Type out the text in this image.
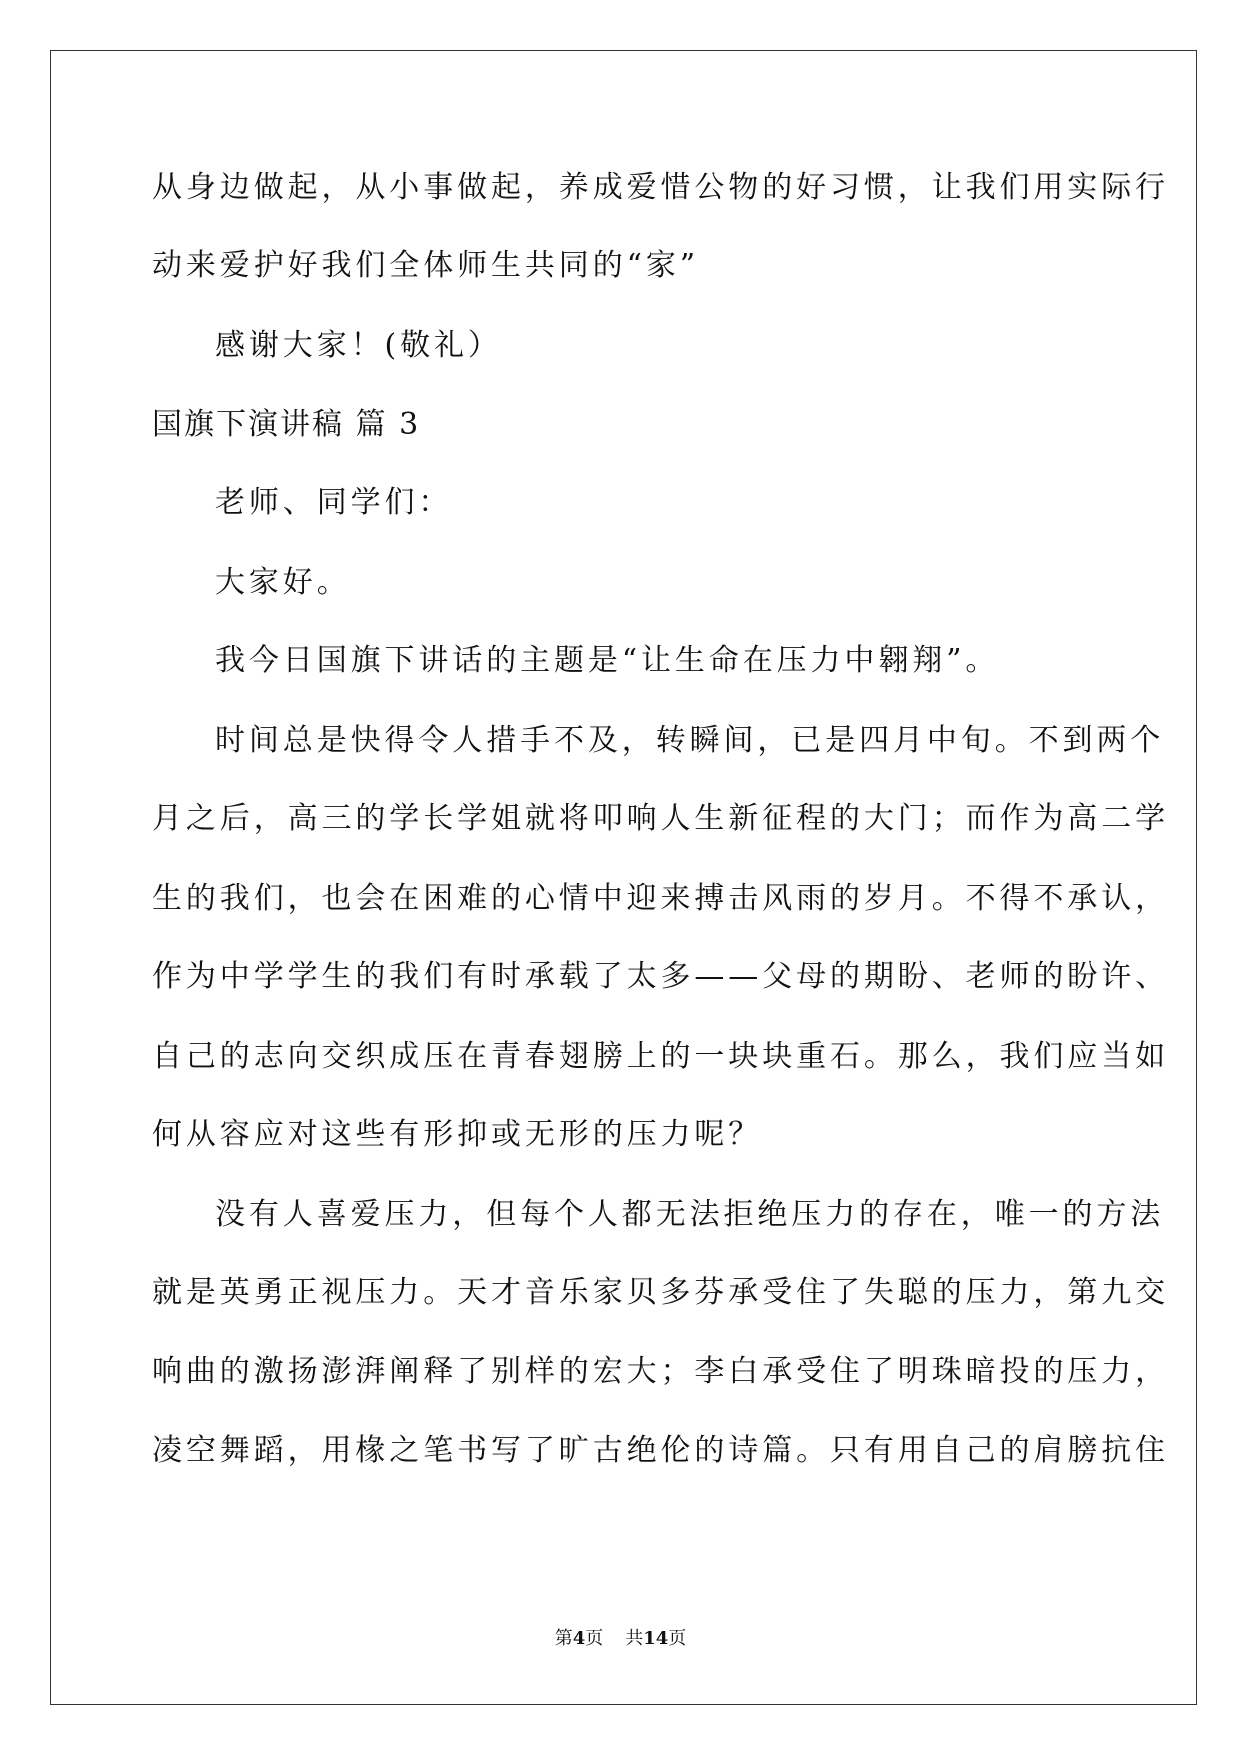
从身边做起，从小事做起，养成爱惜公物的好习惯，让我们用实际行
动来爱护好我们全体师生共同的“家”
感谢大家！(敬礼）
国旗下演讲稿 篇 3
老师、同学们：
大家好。
我今日国旗下讲话的主题是“让生命在压力中翱翔”。
时间总是快得令人措手不及，转瞬间，已是四月中旬。不到两个
月之后，高三的学长学姐就将叩响人生新征程的大门；而作为高二学
生的我们，也会在困难的心情中迎来搏击风雨的岁月。不得不承认，
作为中学学生的我们有时承载了太多——父母的期盼、老师的盼许、
自己的志向交织成压在青春翅膀上的一块块重石。那么，我们应当如
何从容应对这些有形抑或无形的压力呢？
没有人喜爱压力，但每个人都无法拒绝压力的存在，唯一的方法
就是英勇正视压力。天才音乐家贝多芬承受住了失聪的压力，第九交
响曲的激扬澎湃阐释了别样的宏大；李白承受住了明珠暗投的压力，
凌空舞蹈，用椽之笔书写了旷古绝伦的诗篇。只有用自己的肩膀抗住
第4页 共14页
